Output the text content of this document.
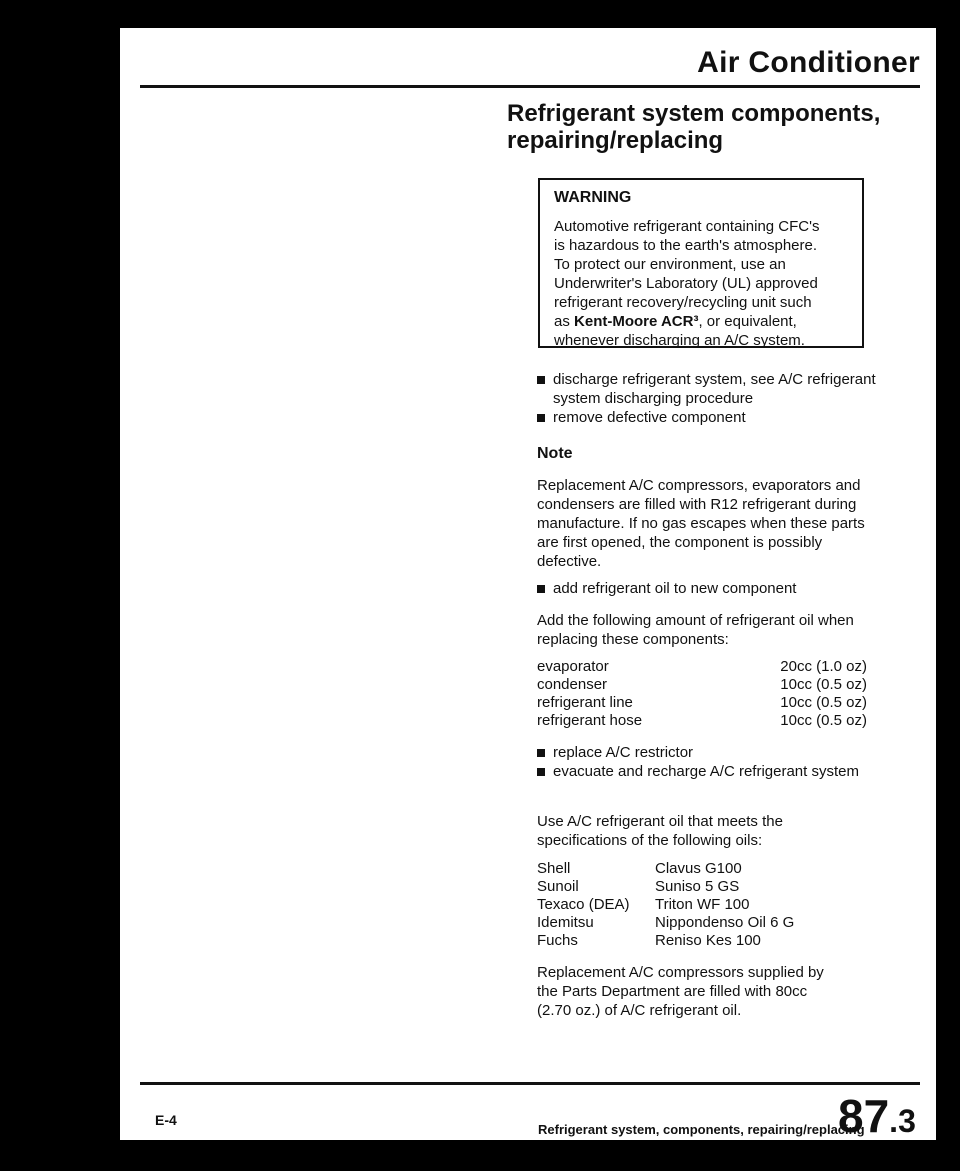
Air Conditioner
Refrigerant system components,
repairing/replacing
WARNING
Automotive refrigerant containing CFC's
is hazardous to the earth's atmosphere.
To protect our environment, use an
Underwriter's Laboratory (UL) approved
refrigerant recovery/recycling unit such
as Kent-Moore ACR³, or equivalent,
whenever discharging an A/C system.
discharge refrigerant system, see A/C refrigerant system discharging procedure
remove defective component
Note
Replacement A/C compressors, evaporators and condensers are filled with R12 refrigerant during manufacture. If no gas escapes when these parts are first opened, the component is possibly defective.
add refrigerant oil to new component
Add the following amount of refrigerant oil when replacing these components:
evaporator	20cc (1.0 oz)
condenser	10cc (0.5 oz)
refrigerant line	10cc (0.5 oz)
refrigerant hose	10cc (0.5 oz)
replace A/C restrictor
evacuate and recharge A/C refrigerant system
Use A/C refrigerant oil that meets the specifications of the following oils:
Shell	Clavus G100
Sunoil	Suniso 5 GS
Texaco (DEA)	Triton WF 100
Idemitsu	Nippondenso Oil 6 G
Fuchs	Reniso Kes 100
Replacement A/C compressors supplied by the Parts Department are filled with 80cc (2.70 oz.) of A/C refrigerant oil.
E-4
Refrigerant system, components, repairing/replacing
87.3
